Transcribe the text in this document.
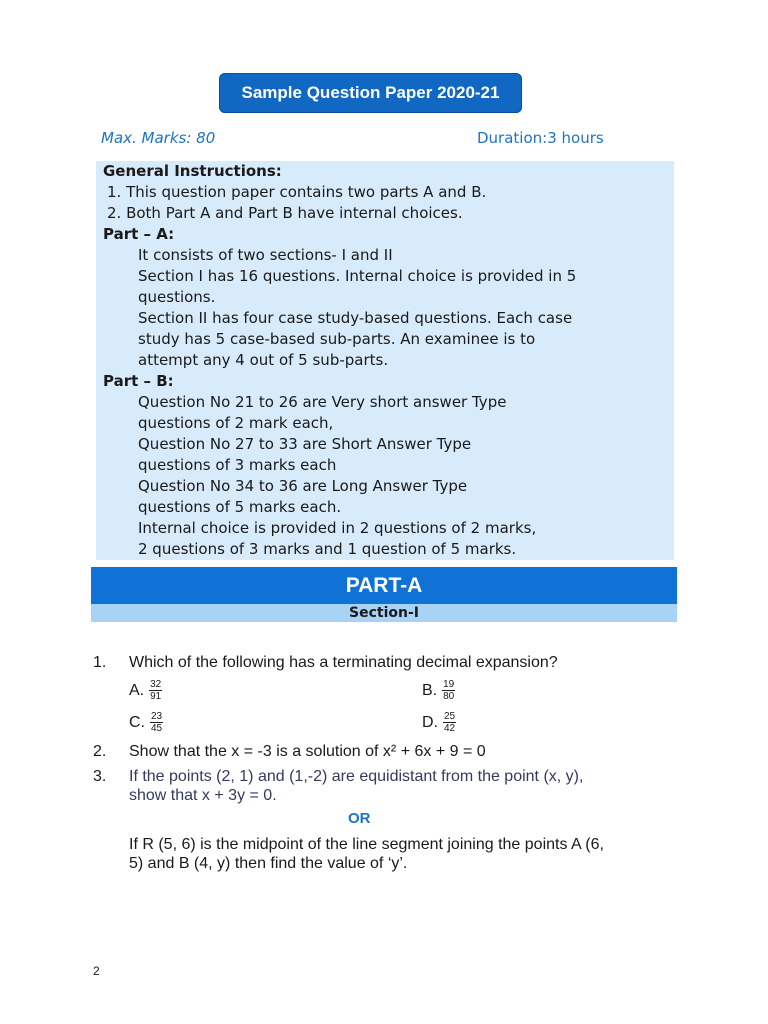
Sample Question Paper 2020-21
Max. Marks: 80	Duration:3 hours
General Instructions:
1. This question paper contains two parts A and B.
2. Both Part A and Part B have internal choices.
Part – A:
It consists of two sections- I and II
Section I has 16 questions. Internal choice is provided in 5
questions.
Section II has four case study-based questions. Each case
study has 5 case-based sub-parts. An examinee is to
attempt any 4 out of 5 sub-parts.
Part – B:
Question No 21 to 26 are Very short answer Type
questions of 2 mark each,
Question No 27 to 33 are Short Answer Type
questions of 3 marks each
Question No 34 to 36 are Long Answer Type
questions of 5 marks each.
Internal choice is provided in 2 questions of 2 marks,
2 questions of 3 marks and 1 question of 5 marks.
PART-A
Section-I
1. Which of the following has a terminating decimal expansion?
A. $\frac{32}{91}$	B. $\frac{19}{80}$
C. $\frac{23}{45}$	D. $\frac{25}{42}$
2. Show that the x = -3 is a solution of x² + 6x + 9 = 0
3. If the points (2, 1) and (1,-2) are equidistant from the point (x, y),
show that x + 3y = 0.
OR
If R (5, 6) is the midpoint of the line segment joining the points A (6,
5) and B (4, y) then find the value of ‘y’.
2
